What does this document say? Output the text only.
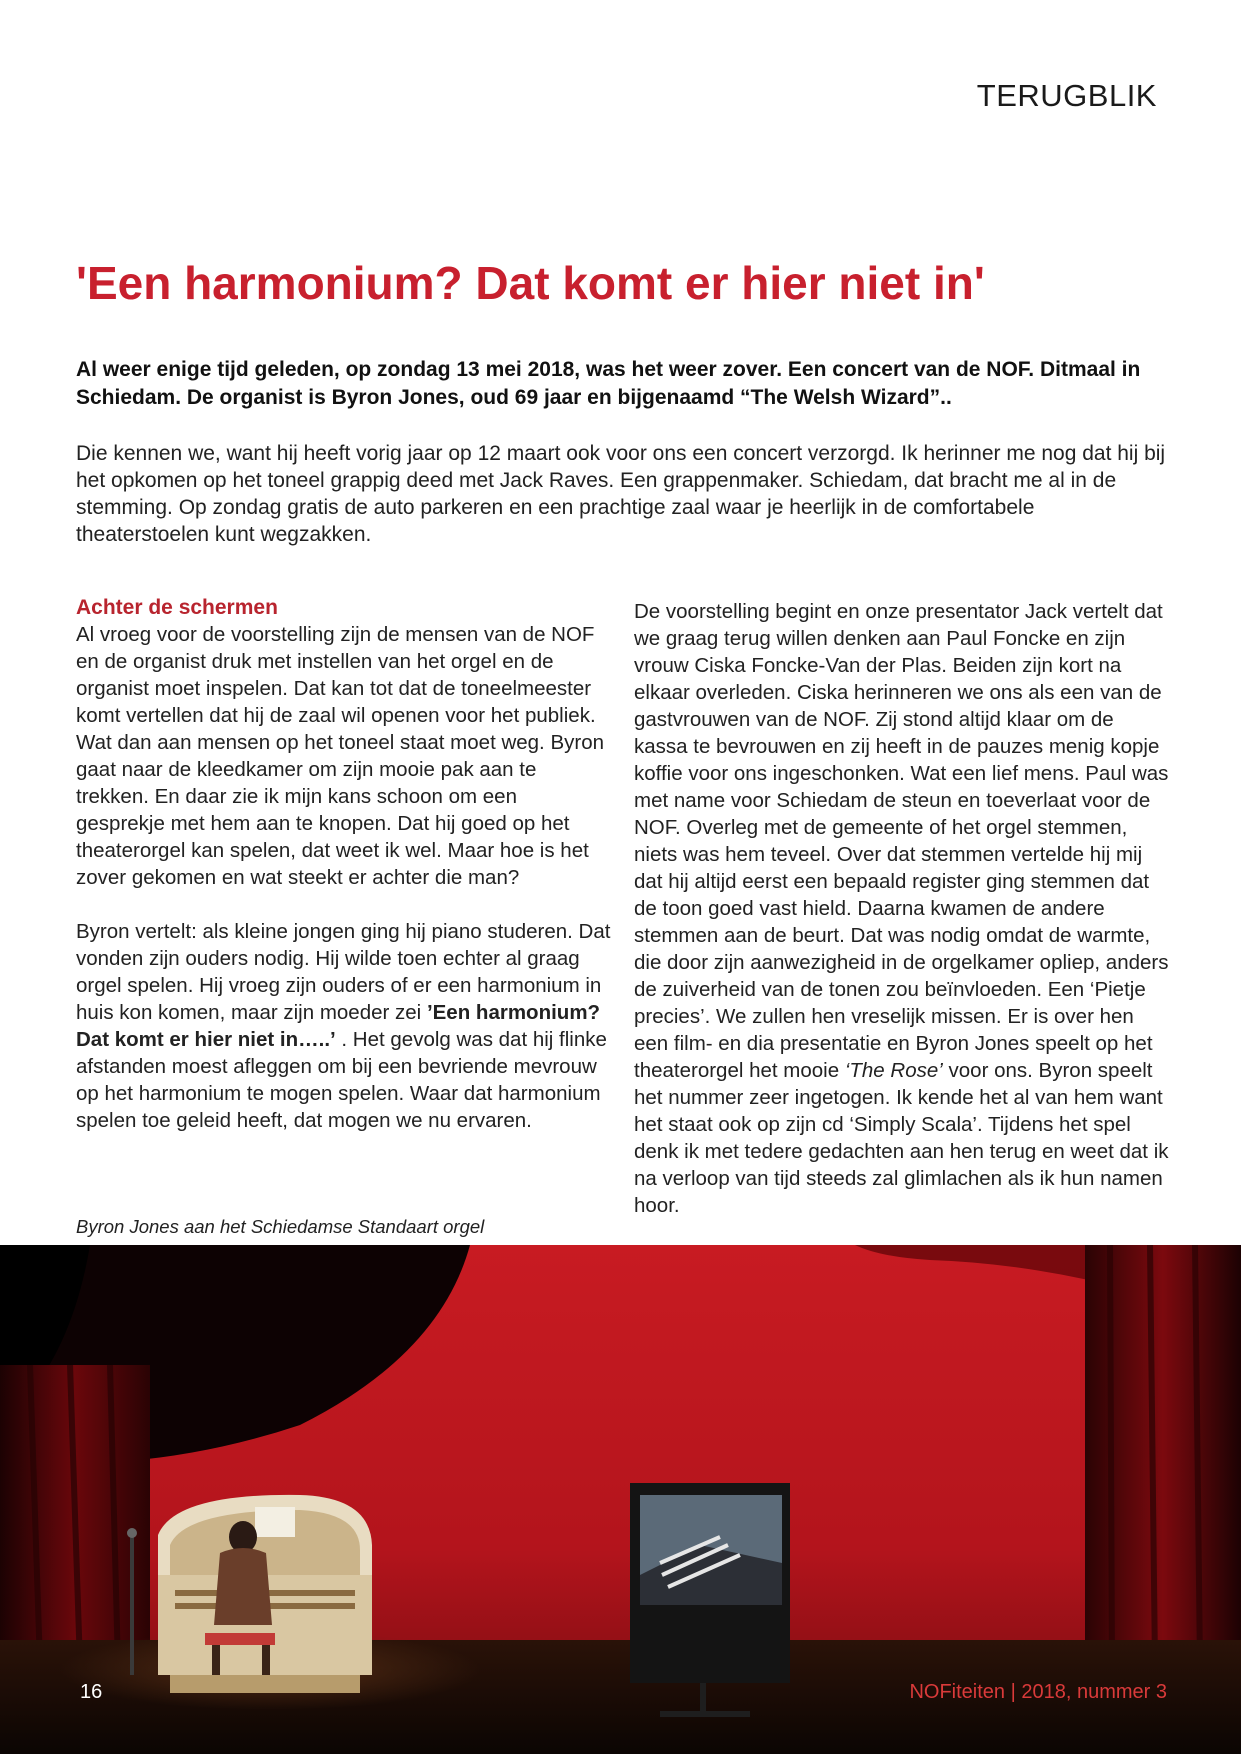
TERUGBLIK
'Een harmonium? Dat komt er hier niet in'

Al weer enige tijd geleden, op zondag 13 mei 2018, was het weer zover. Een concert van de NOF. Ditmaal in Schiedam. De organist is Byron Jones, oud 69 jaar en bijgenaamd “The Welsh Wizard”..

Die kennen we, want hij heeft vorig jaar op 12 maart ook voor ons een concert verzorgd. Ik herinner me nog dat hij bij het opkomen op het toneel grappig deed met Jack Raves. Een grappenmaker. Schiedam, dat bracht me al in de stemming. Op zondag gratis de auto parkeren en een prachtige zaal waar je heerlijk in de comfortabele theaterstoelen kunt wegzakken.

Achter de schermen

Al vroeg voor de voorstelling zijn de mensen van de NOF en de organist druk met instellen van het orgel en de organist moet inspelen. Dat kan tot dat de toneelmeester komt vertellen dat hij de zaal wil openen voor het publiek. Wat dan aan mensen op het toneel staat moet weg. Byron gaat naar de kleedkamer om zijn mooie pak aan te trekken. En daar zie ik mijn kans schoon om een gesprekje met hem aan te knopen. Dat hij goed op het theaterorgel kan spelen, dat weet ik wel. Maar hoe is het zover gekomen en wat steekt er achter die man?

Byron vertelt: als kleine jongen ging hij piano studeren. Dat vonden zijn ouders nodig. Hij wilde toen echter al graag orgel spelen. Hij vroeg zijn ouders of er een harmonium in huis kon komen, maar zijn moeder zei ’Een harmonium? Dat komt er hier niet in…..’ . Het gevolg was dat hij flinke afstanden moest afleggen om bij een bevriende mevrouw op het harmonium te mogen spelen. Waar dat harmonium spelen toe geleid heeft, dat mogen we nu ervaren.

De voorstelling begint en onze presentator Jack vertelt dat we graag terug willen denken aan Paul Foncke en zijn vrouw Ciska Foncke-Van der Plas. Beiden zijn kort na elkaar overleden. Ciska herinneren we ons als een van de gastvrouwen van de NOF. Zij stond altijd klaar om de kassa te bevrouwen en zij heeft in de pauzes menig kopje koffie voor ons ingeschonken. Wat een lief mens. Paul was met name voor Schiedam de steun en toeverlaat voor de NOF. Overleg met de gemeente of het orgel stemmen, niets was hem teveel. Over dat stemmen vertelde hij mij dat hij altijd eerst een bepaald register ging stemmen dat de toon goed vast hield. Daarna kwamen de andere stemmen aan de beurt. Dat was nodig omdat de warmte, die door zijn aanwezigheid in de orgelkamer opliep, anders de zuiverheid van de tonen zou beïnvloeden. Een ‘Pietje precies’. We zullen hen vreselijk missen. Er is over hen een film- en dia presentatie en Byron Jones speelt op het theaterorgel het mooie ‘The Rose’ voor ons. Byron speelt het nummer zeer ingetogen. Ik kende het al van hem want het staat ook op zijn cd ‘Simply Scala’. Tijdens het spel denk ik met tedere gedachten aan hen terug en weet dat ik na verloop van tijd steeds zal glimlachen als ik hun namen hoor.

Byron Jones aan het Schiedamse Standaart orgel
16	NOFiteiten | 2018, nummer 3
